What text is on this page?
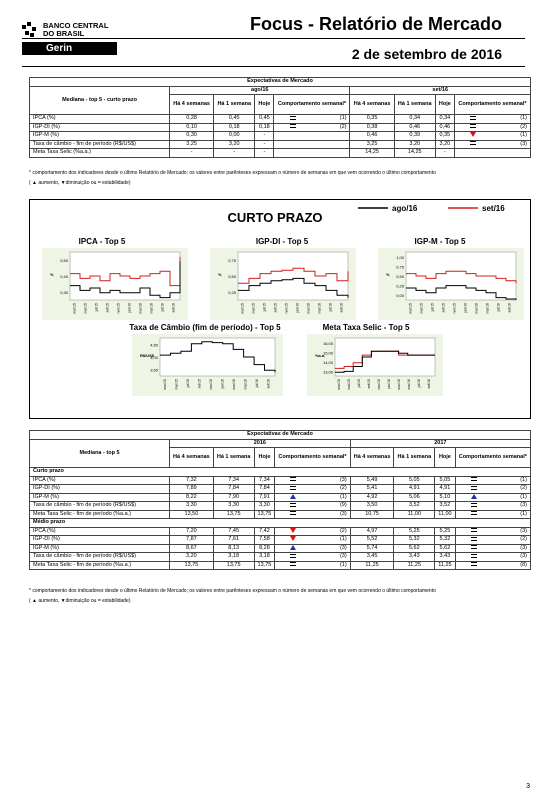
BANCO CENTRAL
DO BRASIL
Gerin
Focus - Relatório de Mercado
2 de setembro de 2016
Expectativas de Mercado										
Mediana - top 5 - curto prazo	ago/16					set/16				
	Há 4 semanas	Há 1 semana	Hoje	Comportamento semanal*		Há 4 semanas	Há 1 semana	Hoje	Comportamento semanal*	
IPCA (%)	0,28	0,45	0,45		(1)	0,35	0,34	0,34		(1)
IGP-DI (%)	0,10	0,18	0,18		(2)	0,38	0,46	0,46		(2)
IGP-M (%)	0,30	0,00	-			0,46	0,39	0,35		(1)
Taxa de câmbio - fim de período (R$/US$)	3,25	3,20	-			3,25	3,20	3,20		(3)
Meta Taxa Selic (%a.a.)	-	-	-			14,25	14,25	-		
* comportamento dos indicadores desde o último Relatório de Mercado; os valores entre parênteses expressam o número de semanas em que vem ocorrendo o último comportamento
( ▲ aumento, ▼diminuição ou = estabilidade)
CURTO PRAZO
ago/16	set/16
IPCA - Top 5
0,50
0,40
0,30
%
mar/15 mai/15 jul/15 set/15 nov/15 jan/16 mar/16 mai/16 jul/16 set/16
IGP-DI - Top 5
0,75
0,50
0,25
%
mar/15 mai/15 jul/15 set/15 nov/15 jan/16 mar/16 mai/16 jul/16 set/16
IGP-M - Top 5
1,00
0,75
0,50
0,25
0,00
%
mar/15 mai/15 jul/15 set/15 nov/15 jan/16 mar/16 mai/16 jul/16 set/16
Taxa de Câmbio (fim de período) - Top 5
4,50
4,00
3,50
R$/US$
mar/15 mai/15 jul/15 set/15 nov/15 jan/16 mar/16 mai/16 jul/16 set/16
Meta Taxa Selic - Top 5
16,00
15,00
14,00
13,00
%a.a.
mar/15 mai/15 jul/15 set/15 nov/15 jan/16 mar/16 mai/16 jul/16 set/16
Expectativas de Mercado										
Mediana - top 5	2016					2017				
	Há 4 semanas	Há 1 semana	Hoje	Comportamento semanal*		Há 4 semanas	Há 1 semana	Hoje	Comportamento semanal*	
Curto prazo										
IPCA (%)	7,32	7,34	7,34		(3)	5,49	5,05	5,05		(1)
IGP-DI (%)	7,89	7,84	7,84		(2)	5,41	4,91	4,91		(2)
IGP-M (%)	8,22	7,90	7,91		(1)	4,92	5,06	5,10		(1)
Taxa de câmbio - fim de período (R$/US$)	3,30	3,30	3,30		(9)	3,50	3,52	3,52		(3)
Meta Taxa Selic - fim de período (%a.a.)	13,50	13,75	13,75		(3)	10,75	11,00	11,00		(1)
Médio prazo										
IPCA (%)	7,20	7,45	7,42		(2)	4,97	5,25	5,25		(3)
IGP-DI (%)	7,87	7,61	7,58		(1)	5,52	5,32	5,32		(2)
IGP-M (%)	8,67	8,13	8,28		(3)	5,74	5,62	5,62		(3)
Taxa de câmbio - fim de período (R$/US$)	3,20	3,18	3,18		(3)	3,45	3,43	3,43		(3)
Meta Taxa Selic - fim de período (%a.a.)	13,75	13,75	13,75		(1)	11,25	11,25	11,25		(8)
* comportamento dos indicadores desde o último Relatório de Mercado; os valores entre parênteses expressam o número de semanas em que vem ocorrendo o último comportamento
( ▲ aumento, ▼diminuição ou = estabilidade)
3
